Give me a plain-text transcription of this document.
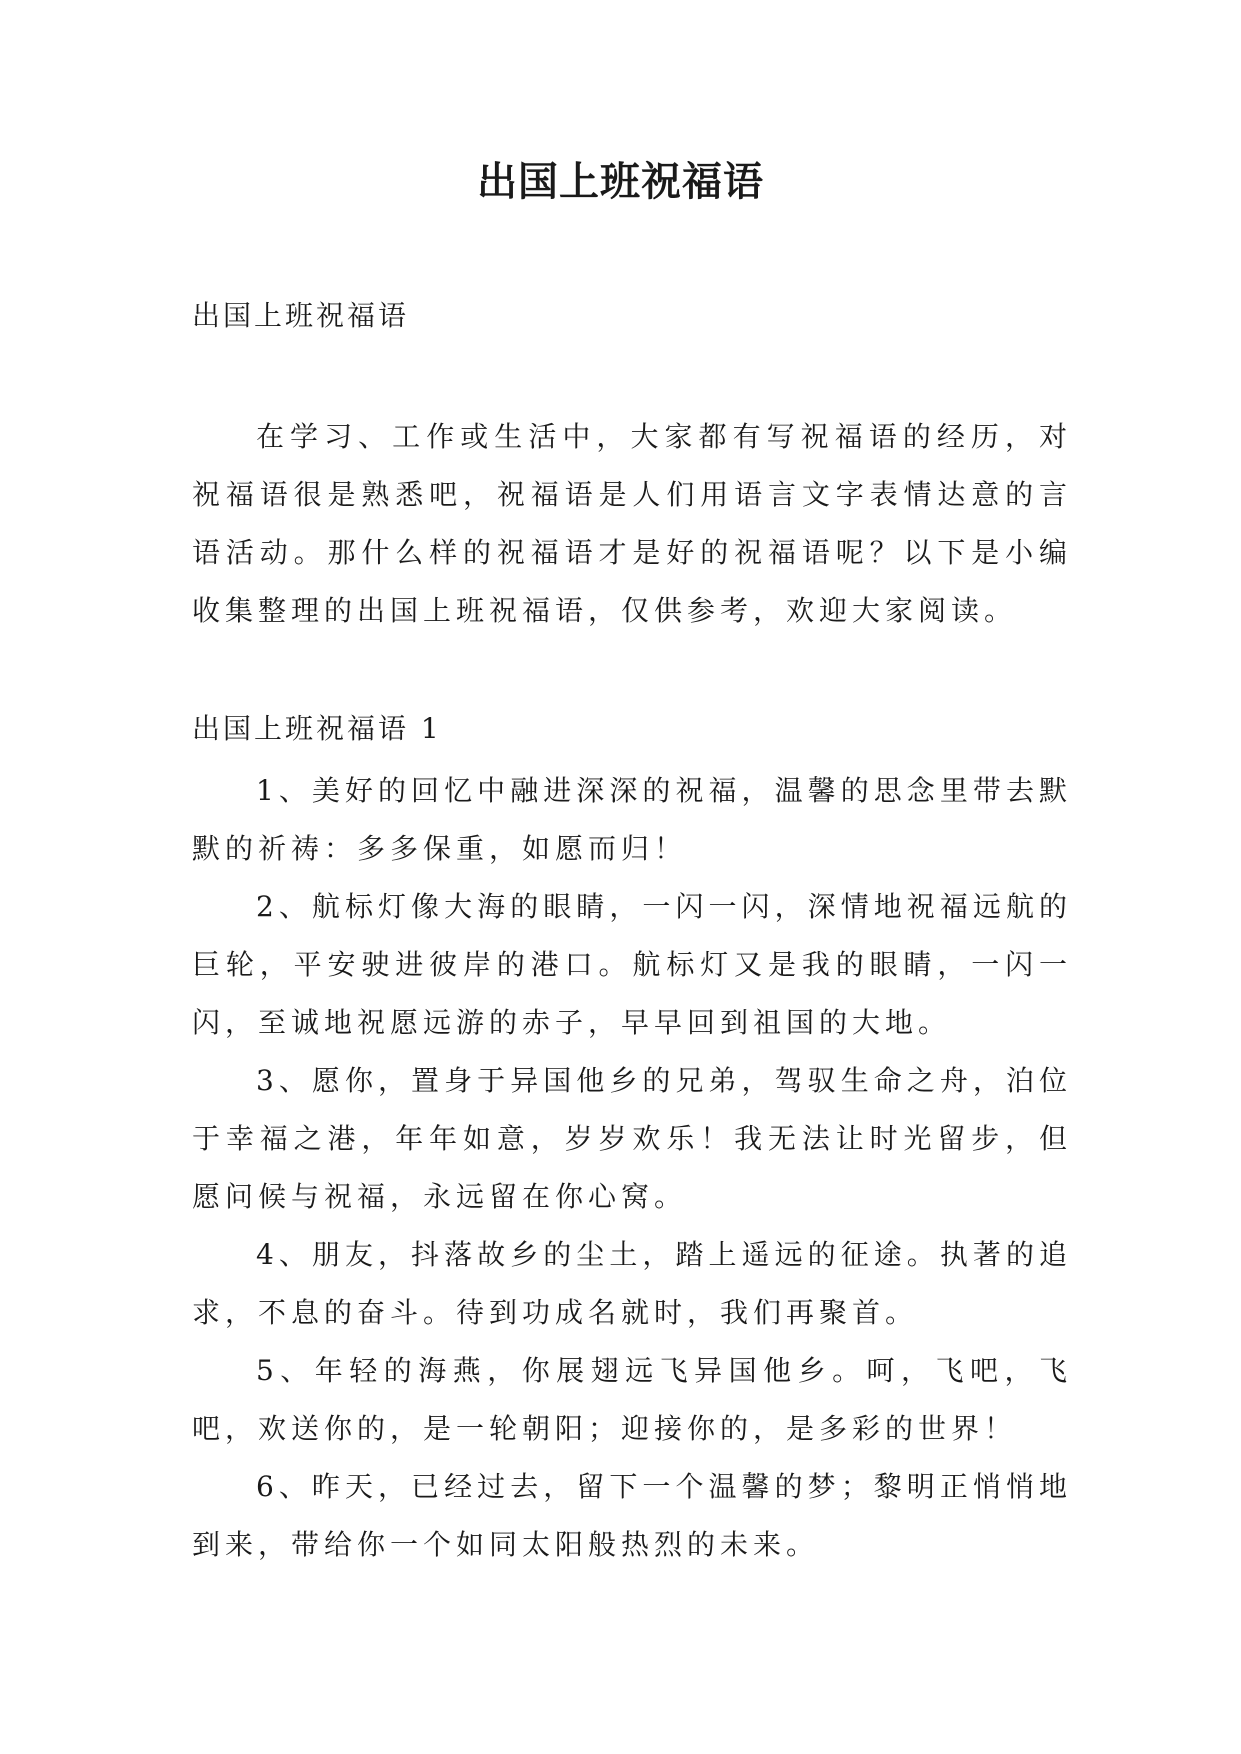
出国上班祝福语

出国上班祝福语

在学习、工作或生活中，大家都有写祝福语的经历，对祝福语很是熟悉吧，祝福语是人们用语言文字表情达意的言语活动。那什么样的祝福语才是好的祝福语呢？以下是小编收集整理的出国上班祝福语，仅供参考，欢迎大家阅读。

出国上班祝福语 1

1、美好的回忆中融进深深的祝福，温馨的思念里带去默默的祈祷：多多保重，如愿而归！

2、航标灯像大海的眼睛，一闪一闪，深情地祝福远航的巨轮，平安驶进彼岸的港口。航标灯又是我的眼睛，一闪一闪，至诚地祝愿远游的赤子，早早回到祖国的大地。

3、愿你，置身于异国他乡的兄弟，驾驭生命之舟，泊位于幸福之港，年年如意，岁岁欢乐！我无法让时光留步，但愿问候与祝福，永远留在你心窝。

4、朋友，抖落故乡的尘土，踏上遥远的征途。执著的追求，不息的奋斗。待到功成名就时，我们再聚首。

5、年轻的海燕，你展翅远飞异国他乡。呵，飞吧，飞吧，欢送你的，是一轮朝阳；迎接你的，是多彩的世界！

6、昨天，已经过去，留下一个温馨的梦；黎明正悄悄地到来，带给你一个如同太阳般热烈的未来。
